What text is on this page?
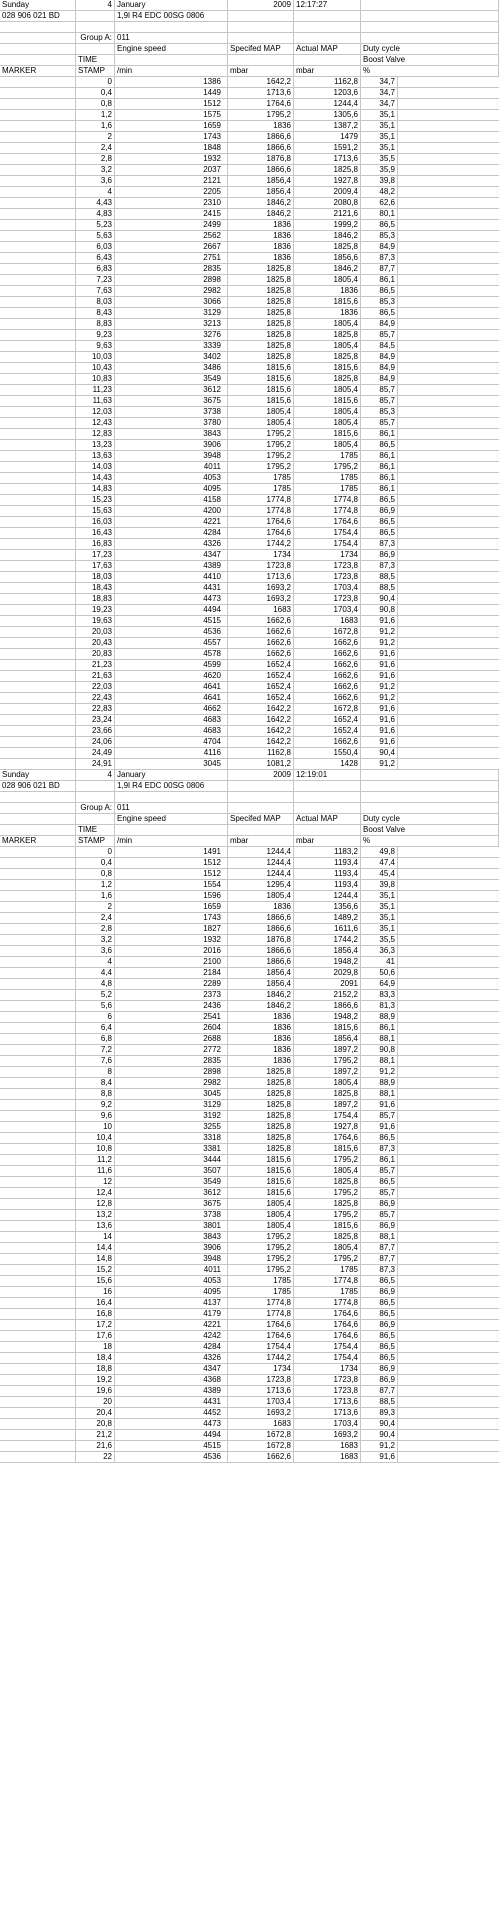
Sunday	4 January	2009 12:17:27
028 906 021 BD	1,9l R4 EDC 00SG 0806
Group A: 011
Engine speed	Specifed MAP	Actual MAP	Duty cycle
TIME	Boost Valve
MARKER	STAMP	/min	mbar	mbar	%
0	1386	1642,2	1162,8	34,7
0,4	1449	1713,6	1203,6	34,7
0,8	1512	1764,6	1244,4	34,7
1,2	1575	1795,2	1305,6	35,1
1,6	1659	1836	1387,2	35,1
2	1743	1866,6	1479	35,1
2,4	1848	1866,6	1591,2	35,1
2,8	1932	1876,8	1713,6	35,5
3,2	2037	1866,6	1825,8	35,9
3,6	2121	1856,4	1927,8	39,8
4	2205	1856,4	2009,4	48,2
4,43	2310	1846,2	2080,8	62,6
4,83	2415	1846,2	2121,6	80,1
5,23	2499	1836	1999,2	86,5
5,63	2562	1836	1846,2	85,3
6,03	2667	1836	1825,8	84,9
6,43	2751	1836	1856,6	87,3
6,83	2835	1825,8	1846,2	87,7
7,23	2898	1825,8	1805,4	86,1
7,63	2982	1825,8	1836	86,5
8,03	3066	1825,8	1815,6	85,3
8,43	3129	1825,8	1836	86,5
8,83	3213	1825,8	1805,4	84,9
9,23	3276	1825,8	1825,8	85,7
9,63	3339	1825,8	1805,4	84,5
10,03	3402	1825,8	1825,8	84,9
10,43	3486	1815,6	1815,6	84,9
10,83	3549	1815,6	1825,8	84,9
11,23	3612	1815,6	1805,4	85,7
11,63	3675	1815,6	1815,6	85,7
12,03	3738	1805,4	1805,4	85,3
12,43	3780	1805,4	1805,4	85,7
12,83	3843	1795,2	1815,6	86,1
13,23	3906	1795,2	1805,4	86,5
13,63	3948	1795,2	1785	86,1
14,03	4011	1795,2	1795,2	86,1
14,43	4053	1785	1785	86,1
14,83	4095	1785	1785	86,1
15,23	4158	1774,8	1774,8	86,5
15,63	4200	1774,8	1774,8	86,9
16,03	4221	1764,6	1764,6	86,5
16,43	4284	1764,6	1754,4	86,5
16,83	4326	1744,2	1754,4	87,3
17,23	4347	1734	1734	86,9
17,63	4389	1723,8	1723,8	87,3
18,03	4410	1713,6	1723,8	88,5
18,43	4431	1693,2	1703,4	88,5
18,83	4473	1693,2	1723,8	90,4
19,23	4494	1683	1703,4	90,8
19,63	4515	1662,6	1683	91,6
20,03	4536	1662,6	1672,8	91,2
20,43	4557	1662,6	1662,6	91,2
20,83	4578	1662,6	1662,6	91,6
21,23	4599	1652,4	1662,6	91,6
21,63	4620	1652,4	1662,6	91,6
22,03	4641	1652,4	1662,6	91,2
22,43	4641	1652,4	1662,6	91,2
22,83	4662	1642,2	1672,8	91,6
23,24	4683	1642,2	1652,4	91,6
23,66	4683	1642,2	1652,4	91,6
24,06	4704	1642,2	1662,6	91,6
24,49	4116	1162,8	1550,4	90,4
24,91	3045	1081,2	1428	91,2
Sunday	4 January	2009 12:19:01
028 906 021 BD	1,9l R4 EDC 00SG 0806
Group A: 011
Engine speed	Specifed MAP	Actual MAP	Duty cycle
TIME	Boost Valve
MARKER	STAMP	/min	mbar	mbar	%
0	1491	1244,4	1183,2	49,8
0,4	1512	1244,4	1193,4	47,4
0,8	1512	1244,4	1193,4	45,4
1,2	1554	1295,4	1193,4	39,8
1,6	1596	1805,4	1244,4	35,1
2	1659	1836	1356,6	35,1
2,4	1743	1866,6	1489,2	35,1
2,8	1827	1866,6	1611,6	35,1
3,2	1932	1876,8	1744,2	35,5
3,6	2016	1866,6	1856,4	36,3
4	2100	1866,6	1948,2	41
4,4	2184	1856,4	2029,8	50,6
4,8	2289	1856,4	2091	64,9
5,2	2373	1846,2	2152,2	83,3
5,6	2436	1846,2	1866,6	81,3
6	2541	1836	1948,2	88,9
6,4	2604	1836	1815,6	86,1
6,8	2688	1836	1856,4	88,1
7,2	2772	1836	1897,2	90,8
7,6	2835	1836	1795,2	88,1
8	2898	1825,8	1897,2	91,2
8,4	2982	1825,8	1805,4	88,9
8,8	3045	1825,8	1825,8	88,1
9,2	3129	1825,8	1897,2	91,6
9,6	3192	1825,8	1754,4	85,7
10	3255	1825,8	1927,8	91,6
10,4	3318	1825,8	1764,6	86,5
10,8	3381	1825,8	1815,6	87,3
11,2	3444	1815,6	1795,2	86,1
11,6	3507	1815,6	1805,4	85,7
12	3549	1815,6	1825,8	86,5
12,4	3612	1815,6	1795,2	85,7
12,8	3675	1805,4	1825,8	86,9
13,2	3738	1805,4	1795,2	85,7
13,6	3801	1805,4	1815,6	86,9
14	3843	1795,2	1825,8	88,1
14,4	3906	1795,2	1805,4	87,7
14,8	3948	1795,2	1795,2	87,7
15,2	4011	1795,2	1785	87,3
15,6	4053	1785	1774,8	86,5
16	4095	1785	1785	86,9
16,4	4137	1774,8	1774,8	86,5
16,8	4179	1774,8	1764,6	86,5
17,2	4221	1764,6	1764,6	86,9
17,6	4242	1764,6	1764,6	86,5
18	4284	1754,4	1754,4	86,5
18,4	4326	1744,2	1754,4	86,5
18,8	4347	1734	1734	86,9
19,2	4368	1723,8	1723,8	86,9
19,6	4389	1713,6	1723,8	87,7
20	4431	1703,4	1713,6	88,5
20,4	4452	1693,2	1713,6	89,3
20,8	4473	1683	1703,4	90,4
21,2	4494	1672,8	1693,2	90,4
21,6	4515	1672,8	1683	91,2
22	4536	1662,6	1683	91,6
